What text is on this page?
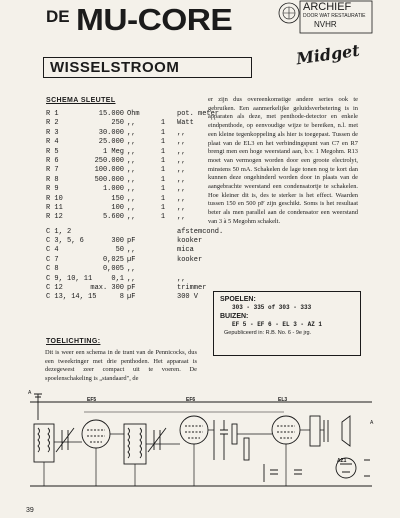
DE MU-CORE	ARCHIEF
DOOR WAT RESTAURATIE
NVHR
Midget
WISSELSTROOM
SCHEMA SLEUTEL
R 1	15.000 Ohm	pot. meter
R 2	250 ,,	1	Watt
R 3	30.000 ,,	1	,,
R 4	25.000 ,,	1	,,
R 5	1 Meg ,,	1	,,
R 6	250.000 ,,	1	,,
R 7	100.000 ,,	1	,,
R 8	500.000 ,,	1	,,
R 9	1.000 ,,	1	,,
R 10	150 ,,	1	,,
R 11	100 ,,	1	,,
R 12	5.600 ,,	1	,,
C 1, 2	afstemcond.
C 3, 5, 6	300 pF	kooker
C 4	50 ,,	mica
C 7	0,025 µF	kooker
C 8	0,005 ,,
C 9, 10, 11	0,1 ,,	,,
C 12	max. 300 pF	trimmer
C 13, 14, 15	8 µF	300 V
er zijn dus overeenkomstige andere series ook te gebruiken. Een aanmerkelijke geluidsverbetering is in apparaten als deze, met penthode-detector en enkele eindpenthode, op eenvoudige wijze te bereiken, n.l. met een kleine tegenkoppeling als hier is toegepast. Tussen de plaat van de EL3 en het verbindingspunt van C7 en R7 brengt men een hoge weerstand aan, b.v. 1 Megohm. R13 moet van vermogen worden door een groote electrolyt, minstens 50 mA. Schakelen de lage tonen nog te kort dan kunnen deze ongehinderd worden door in plaats van de aangebrachte weerstand een condensatortje te schakelen. Hoe kleiner dit is, des te sterker is het effect. Waarden tussen 150 en 500 pF zijn geschikt. Soms is het resultaat beter als men parallel aan de condensator een weerstand van 3 à 5 Megohm schakelt.
SPOELEN:
303 - 335 of 303 - 333
BUIZEN:
EF 5 - EF 6 - EL 3 - AZ 1
Gepubliceerd in: R.B. No. 6 - 9e jrg.
TOELICHTING:
Dit is weer een schema in de trant van de Pennicocks, dus een tweekringer met drie penthoden. Het apparaat is dezegewest zeer compact uit te voeren. De spoelenschakeling is „standaard", de
EF5	EF6	EL3
AZ1
A
A
39
